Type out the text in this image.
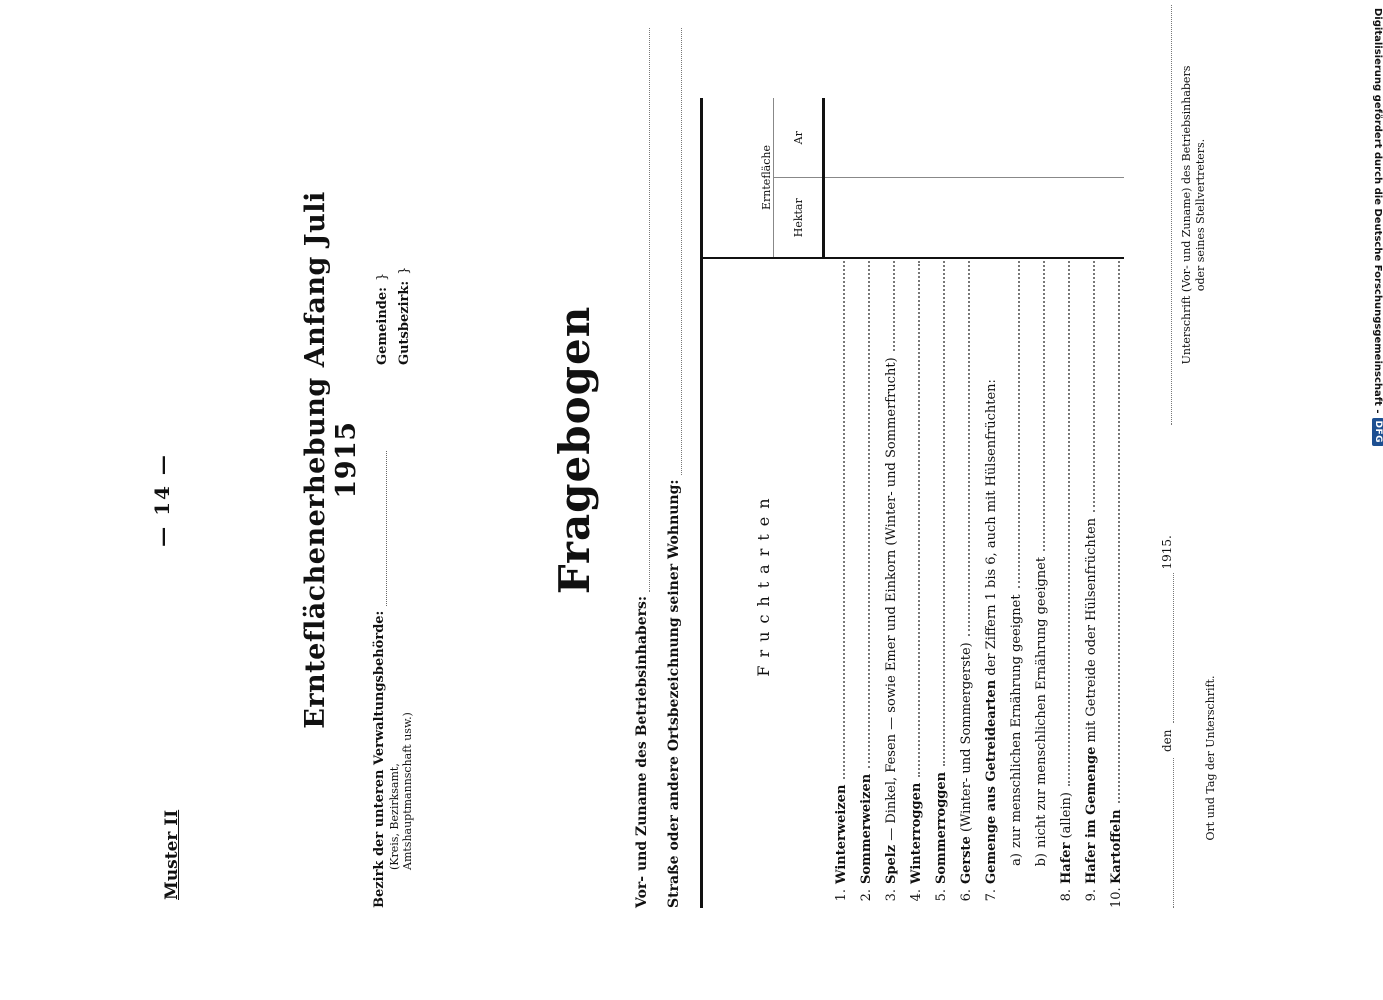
Digitalisierung gefördert durch die Deutsche Forschungsgemeinschaft -
DFG
— 14 —
Muster II
Ernteflächenerhebung Anfang Juli 1915
Bezirk der unteren Verwaltungsbehörde: (Kreis, Bezirksamt, Amtshauptmannschaft usw.)
Gemeinde:}
Gutsbezirk:}
Fragebogen
Vor- und Zuname des Betriebsinhabers: Straße oder andere Ortsbezeichnung seiner Wohnung:	Fruchtarten	Erntefläche	
	Hektar	Ar

1.
Winterweizen		

2.
Sommerweizen		

3.
Spelz — Dinkel, Fesen — sowie Emer und Einkorn (Winter- und Sommerfrucht)		

4.
Winterroggen		

5.
Sommerroggen		

6.
Gerste (Winter- und Sommergerste)		

7.
Gemenge aus Getreidearten der Ziffern 1 bis 6, auch mit Hülsenfrüchten:		

a)
zur menschlichen Ernährung geeignet		

b)
nicht zur menschlichen Ernährung geeignet		

8.
Hafer (allein)		

9.
Hafer im Gemenge mit Getreide oder Hülsenfrüchten		

10.
Kartoffeln		

den
1915.
Ort und Tag der Unterschrift.
Unterschrift (Vor- und Zuname) des Betriebsinhabers oder seines Stellvertreters.
